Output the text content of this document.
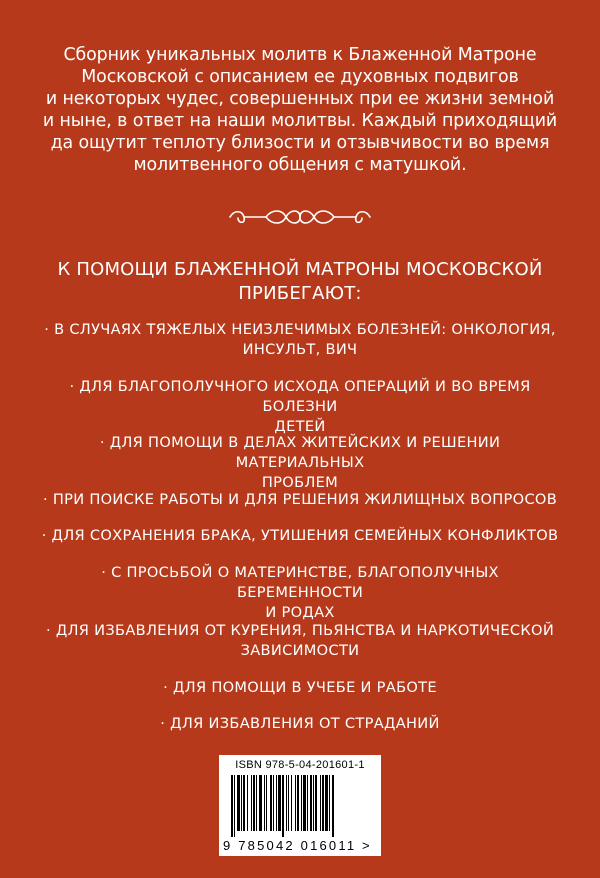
Сборник уникальных молитв к Блаженной Матроне
Московской с описанием ее духовных подвигов
и некоторых чудес, совершенных при ее жизни земной
и ныне, в ответ на наши молитвы. Каждый приходящий
да ощутит теплоту близости и отзывчивости во время
молитвенного общения с матушкой.
К ПОМОЩИ БЛАЖЕННОЙ МАТРОНЫ МОСКОВСКОЙ
ПРИБЕГАЮТ:
· В СЛУЧАЯХ ТЯЖЕЛЫХ НЕИЗЛЕЧИМЫХ БОЛЕЗНЕЙ: ОНКОЛОГИЯ,
ИНСУЛЬТ, ВИЧ
· ДЛЯ БЛАГОПОЛУЧНОГО ИСХОДА ОПЕРАЦИЙ И ВО ВРЕМЯ БОЛЕЗНИ
ДЕТЕЙ
· ДЛЯ ПОМОЩИ В ДЕЛАХ ЖИТЕЙСКИХ И РЕШЕНИИ МАТЕРИАЛЬНЫХ
ПРОБЛЕМ
· ПРИ ПОИСКЕ РАБОТЫ И ДЛЯ РЕШЕНИЯ ЖИЛИЩНЫХ ВОПРОСОВ
· ДЛЯ СОХРАНЕНИЯ БРАКА, УТИШЕНИЯ СЕМЕЙНЫХ КОНФЛИКТОВ
· С ПРОСЬБОЙ О МАТЕРИНСТВЕ, БЛАГОПОЛУЧНЫХ БЕРЕМЕННОСТИ
И РОДАХ
· ДЛЯ ИЗБАВЛЕНИЯ ОТ КУРЕНИЯ, ПЬЯНСТВА И НАРКОТИЧЕСКОЙ
ЗАВИСИМОСТИ
· ДЛЯ ПОМОЩИ В УЧЕБЕ И РАБОТЕ
· ДЛЯ ИЗБАВЛЕНИЯ ОТ СТРАДАНИЙ
ISBN 978-5-04-201601-1
9 785042 016011 >
